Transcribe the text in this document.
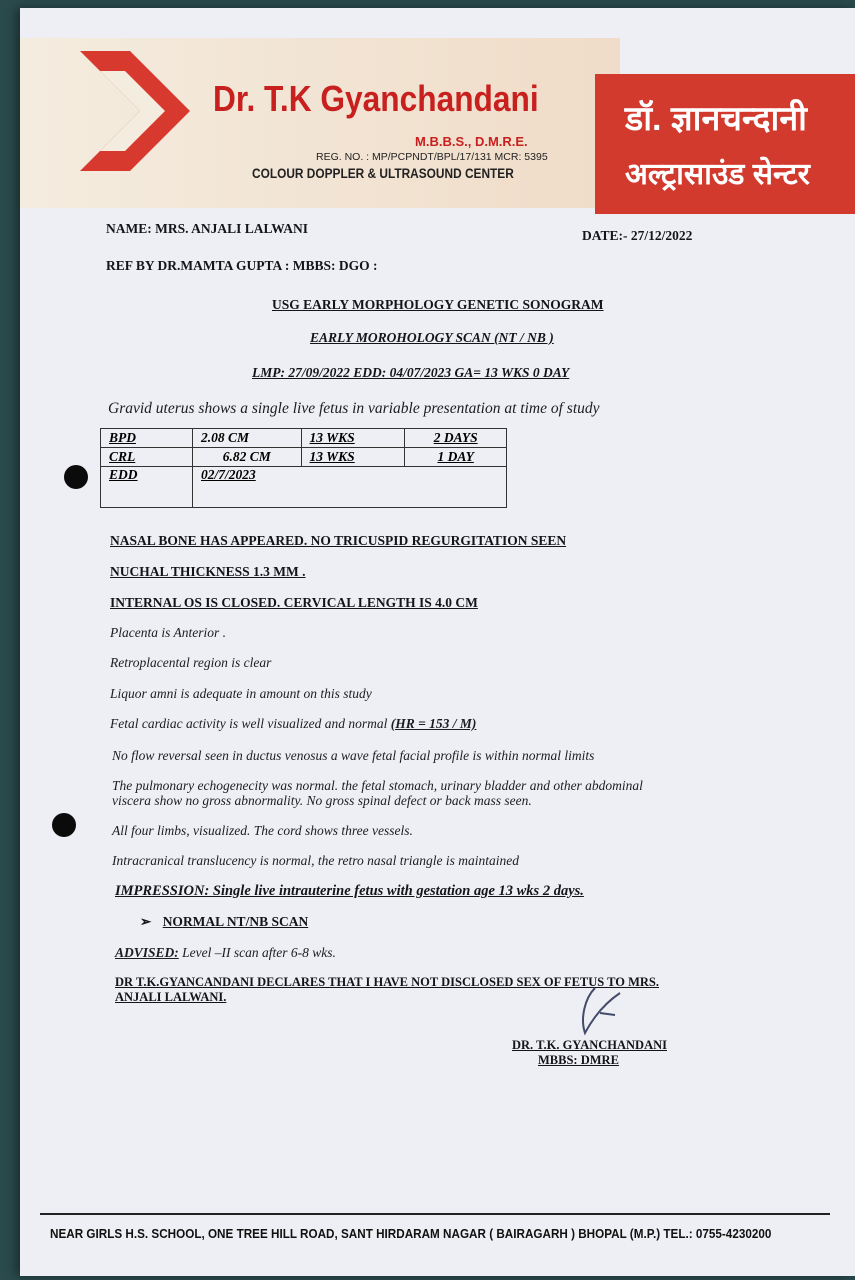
Dr. T.K Gyanchandani
M.B.B.S., D.M.R.E.
REG. NO. : MP/PCPNDT/BPL/17/131 MCR: 5395
COLOUR DOPPLER & ULTRASOUND CENTER
डॉ. ज्ञानचन्दानी
अल्ट्रासाउंड सेन्टर
NAME: MRS. ANJALI LALWANI	DATE:- 27/12/2022
REF BY DR.MAMTA GUPTA : MBBS: DGO :
USG EARLY MORPHOLOGY GENETIC SONOGRAM
EARLY MOROHOLOGY SCAN (NT / NB )
LMP: 27/09/2022 EDD: 04/07/2023 GA= 13 WKS 0 DAY
Gravid uterus shows a single live fetus in variable presentation at time of study
BPD	2.08 CM	13 WKS	2 DAYS
CRL	6.82 CM	13 WKS	1 DAY
EDD	02/7/2023		
NASAL BONE HAS APPEARED. NO TRICUSPID REGURGITATION SEEN
NUCHAL THICKNESS 1.3 MM .
INTERNAL OS IS CLOSED. CERVICAL LENGTH IS 4.0 CM
Placenta is Anterior .
Retroplacental region is clear
Liquor amni is adequate in amount on this study
Fetal cardiac activity is well visualized and normal (HR = 153 / M)
No flow reversal seen in ductus venosus a wave fetal facial profile is within normal limits
The pulmonary echogenecity was normal. the fetal stomach, urinary bladder and other abdominal
viscera show no gross abnormality. No gross spinal defect or back mass seen.
All four limbs, visualized. The cord shows three vessels.
Intracranical translucency is normal, the retro nasal triangle is maintained
IMPRESSION: Single live intrauterine fetus with gestation age 13 wks 2 days.
➢ NORMAL NT/NB SCAN
ADVISED: Level –II scan after 6-8 wks.
DR T.K.GYANCANDANI DECLARES THAT I HAVE NOT DISCLOSED SEX OF FETUS TO MRS.
ANJALI LALWANI.
DR. T.K. GYANCHANDANI
MBBS: DMRE
NEAR GIRLS H.S. SCHOOL, ONE TREE HILL ROAD, SANT HIRDARAM NAGAR ( BAIRAGARH ) BHOPAL (M.P.) TEL.: 0755-4230200
